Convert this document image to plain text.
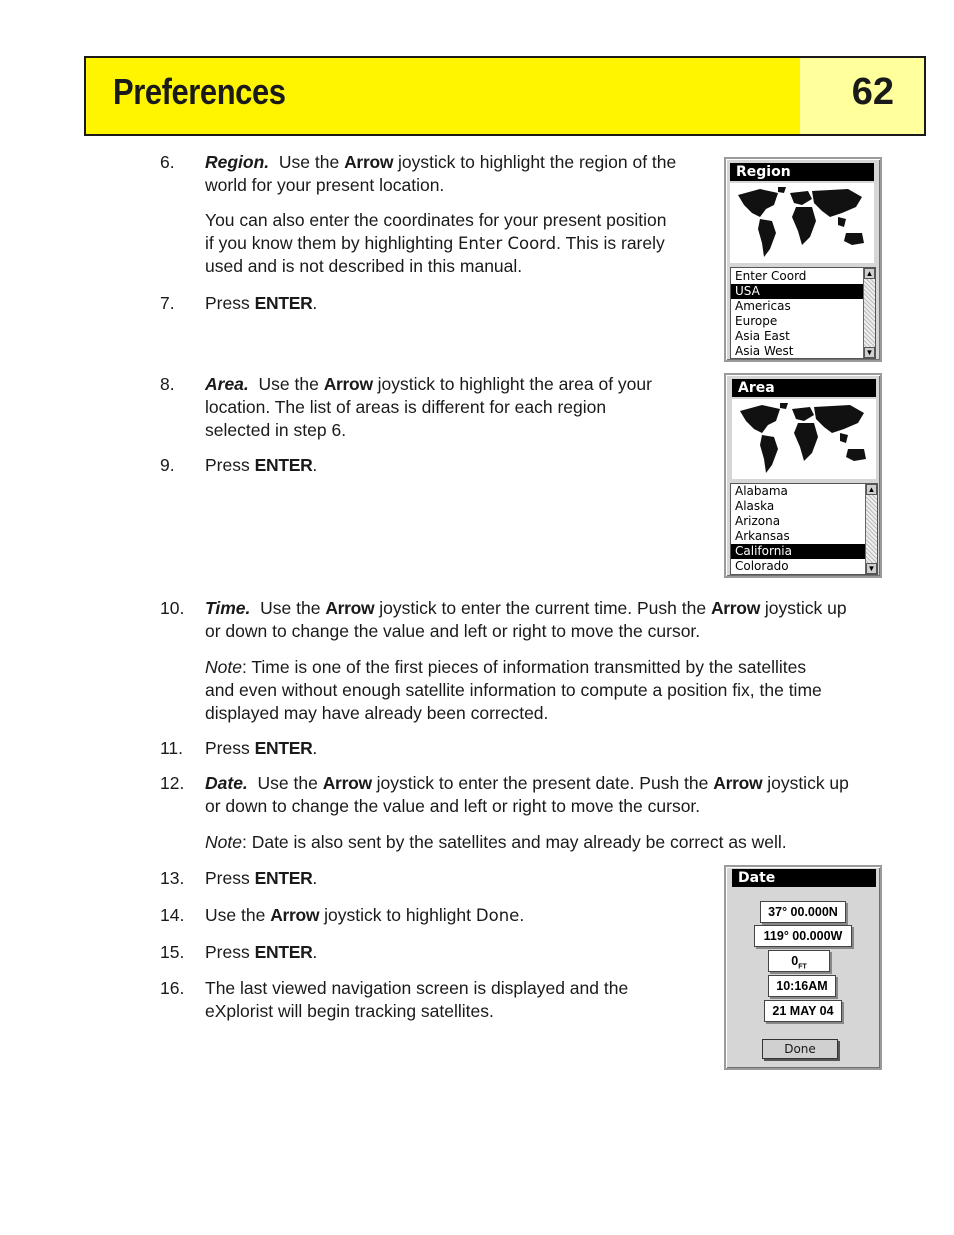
Preferences	62
6.	Region. Use the Arrow joystick to highlight the region of the
world for your present location.
You can also enter the coordinates for your present position
if you know them by highlighting Enter Coord. This is rarely
used and is not described in this manual.
7.	Press ENTER.
8.	Area. Use the Arrow joystick to highlight the area of your
location. The list of areas is different for each region
selected in step 6.
9.	Press ENTER.
10.	Time. Use the Arrow joystick to enter the current time. Push the Arrow joystick up
or down to change the value and left or right to move the cursor.
Note: Time is one of the first pieces of information transmitted by the satellites
and even without enough satellite information to compute a position fix, the time
displayed may have already been corrected.
11.	Press ENTER.
12.	Date. Use the Arrow joystick to enter the present date. Push the Arrow joystick up
or down to change the value and left or right to move the cursor.
Note: Date is also sent by the satellites and may already be correct as well.
13.	Press ENTER.
14.	Use the Arrow joystick to highlight Done.
15.	Press ENTER.
16.	The last viewed navigation screen is displayed and the
eXplorist will begin tracking satellites.
Region
Enter Coord
USA
Americas
Europe
Asia East
Asia West
▲
▼
Area
Alabama
Alaska
Arizona
Arkansas
California
Colorado
▲
▼
Date
37° 00.000N
119° 00.000W
$0_{FT}$
10:16AM
21 MAY 04
Done
